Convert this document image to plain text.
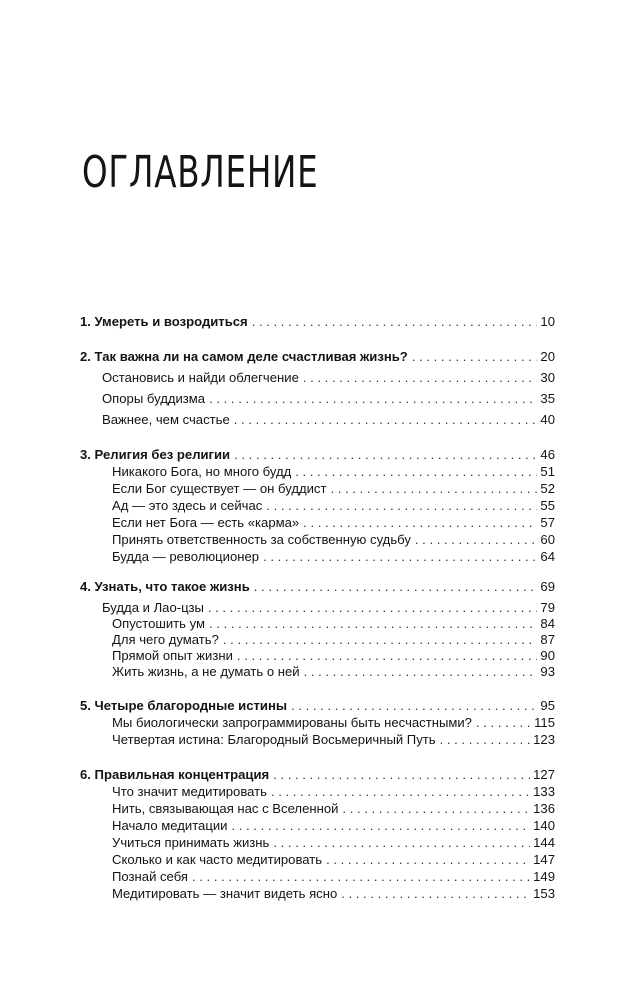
ОГЛАВЛЕНИЕ
1. Умереть и возродиться . . .	10
2. Так важна ли на самом деле счастливая жизнь? . . .	20
Остановись и найди облегчение . . .	30
Опоры буддизма . . .	35
Важнее, чем счастье . . .	40
3. Религия без религии . . .	46
Никакого Бога, но много будд . . .	51
Если Бог существует — он буддист . . .	52
Ад — это здесь и сейчас . . .	55
Если нет Бога — есть «карма» . . .	57
Принять ответственность за собственную судьбу . . .	60
Будда — революционер . . .	64
4. Узнать, что такое жизнь . . .	69
Будда и Лао-цзы . . .	79
Опустошить ум . . .	84
Для чего думать? . . .	87
Прямой опыт жизни . . .	90
Жить жизнь, а не думать о ней . . .	93
5. Четыре благородные истины . . .	95
Мы биологически запрограммированы быть несчастными? . . .	115
Четвертая истина: Благородный Восьмеричный Путь . . .	123
6. Правильная концентрация . . .	127
Что значит медитировать . . .	133
Нить, связывающая нас с Вселенной . . .	136
Начало медитации . . .	140
Учиться принимать жизнь . . .	144
Сколько и как часто медитировать . . .	147
Познай себя . . .	149
Медитировать — значит видеть ясно . . .	153
